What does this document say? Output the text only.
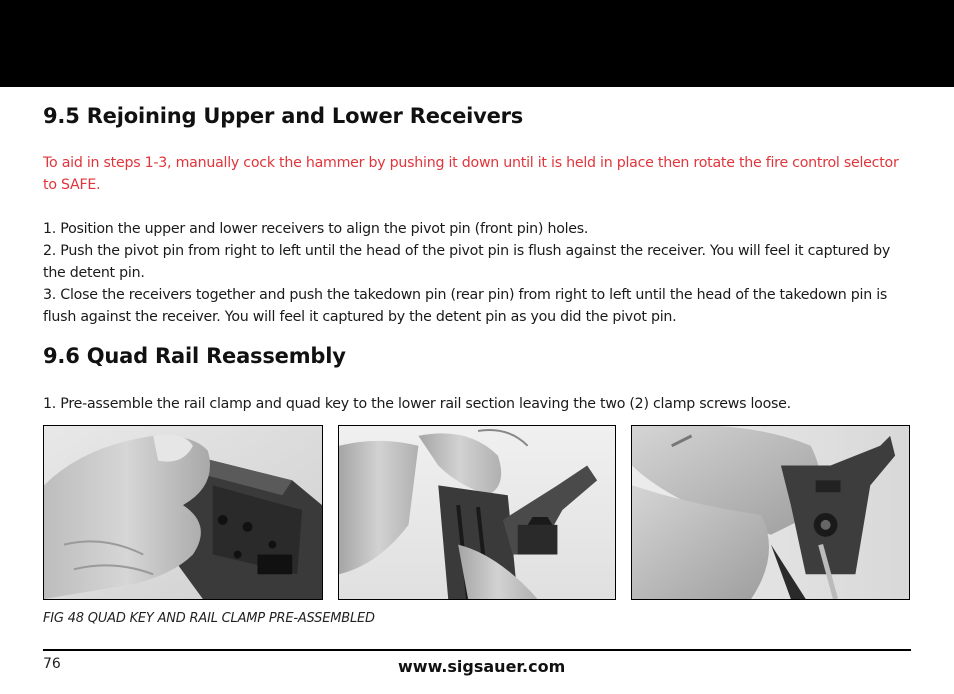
9.5 Rejoining Upper and Lower Receivers

To aid in steps 1-3, manually cock the hammer by pushing it down until it is held in place then rotate the fire control selector to SAFE.

1. Position the upper and lower receivers to align the pivot pin (front pin) holes.
2. Push the pivot pin from right to left until the head of the pivot pin is flush against the receiver. You will feel it captured by the detent pin.
3. Close the receivers together and push the takedown pin (rear pin) from right to left until the head of the takedown pin is flush against the receiver. You will feel it captured by the detent pin as you did the pivot pin.
9.6 Quad Rail Reassembly
1. Pre-assemble the rail clamp and quad key to the lower rail section leaving the two (2) clamp screws loose.
FIG 48 QUAD KEY AND RAIL CLAMP PRE-ASSEMBLED
76	www.sigsauer.com
